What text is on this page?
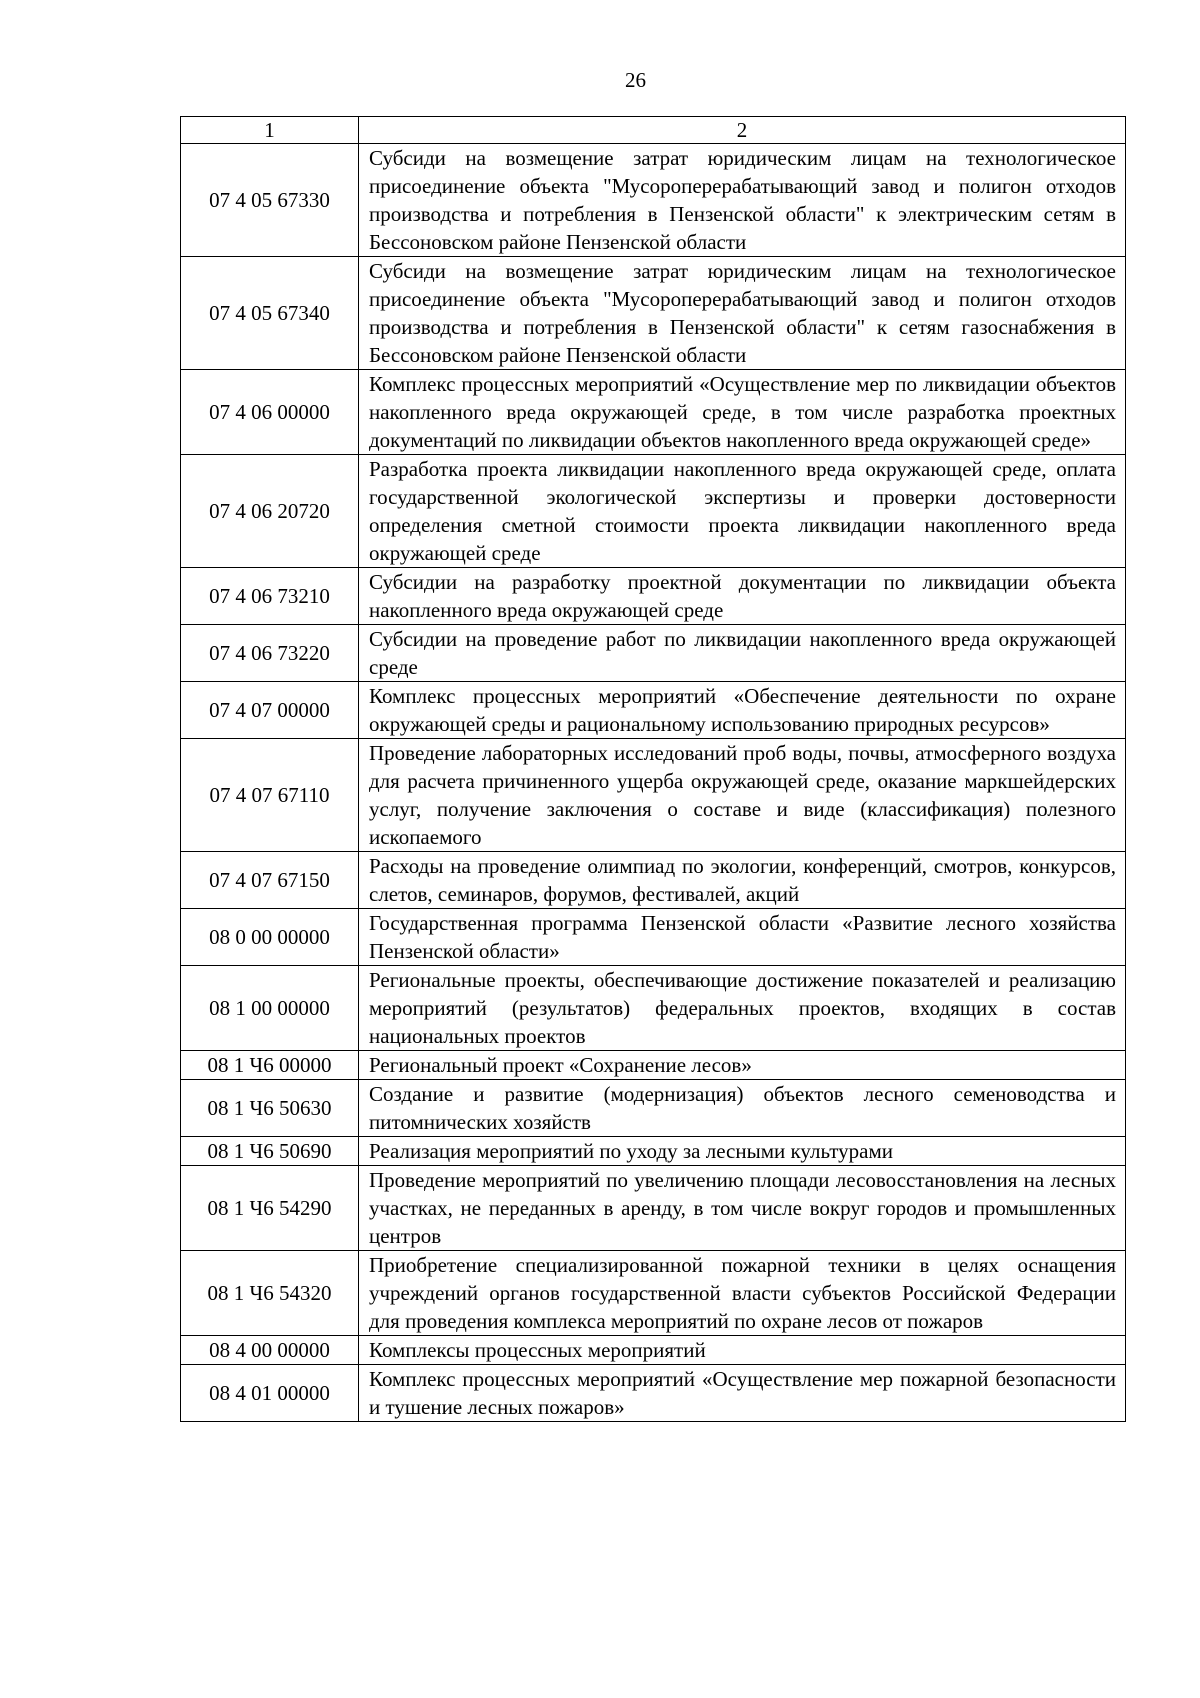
26
1	2
07 4 05 67330	Субсиди на возмещение затрат юридическим лицам на технологическое присоединение объекта "Мусороперерабатывающий завод и полигон отходов производства и потребления в Пензенской области" к электрическим сетям в Бессоновском районе Пензенской области
07 4 05 67340	Субсиди на возмещение затрат юридическим лицам на технологическое присоединение объекта "Мусороперерабатывающий завод и полигон отходов производства и потребления в Пензенской области" к сетям газоснабжения в Бессоновском районе Пензенской области
07 4 06 00000	Комплекс процессных мероприятий «Осуществление мер по ликвидации объектов накопленного вреда окружающей среде, в том числе разработка проектных документаций по ликвидации объектов накопленного вреда окружающей среде»
07 4 06 20720	Разработка проекта ликвидации накопленного вреда окружающей среде, оплата государственной экологической экспертизы и проверки достоверности определения сметной стоимости проекта ликвидации накопленного вреда окружающей среде
07 4 06 73210	Субсидии на разработку проектной документации по ликвидации объекта накопленного вреда окружающей среде
07 4 06 73220	Субсидии на проведение работ по ликвидации накопленного вреда окружающей среде
07 4 07 00000	Комплекс процессных мероприятий «Обеспечение деятельности по охране окружающей среды и рациональному использованию природных ресурсов»
07 4 07 67110	Проведение лабораторных исследований проб воды, почвы, атмосферного воздуха для расчета причиненного ущерба окружающей среде, оказание маркшейдерских услуг, получение заключения о составе и виде (классификация) полезного ископаемого
07 4 07 67150	Расходы на проведение олимпиад по экологии, конференций, смотров, конкурсов, слетов, семинаров, форумов, фестивалей, акций
08 0 00 00000	Государственная программа Пензенской области «Развитие лесного хозяйства Пензенской области»
08 1 00 00000	Региональные проекты, обеспечивающие достижение показателей и реализацию мероприятий (результатов) федеральных проектов, входящих в состав национальных проектов
08 1 Ч6 00000	Региональный проект «Сохранение лесов»
08 1 Ч6 50630	Создание и развитие (модернизация) объектов лесного семеноводства и питомнических хозяйств
08 1 Ч6 50690	Реализация мероприятий по уходу за лесными культурами
08 1 Ч6 54290	Проведение мероприятий по увеличению площади лесовосстановления на лесных участках, не переданных в аренду, в том числе вокруг городов и промышленных центров
08 1 Ч6 54320	Приобретение специализированной пожарной техники в целях оснащения учреждений органов государственной власти субъектов Российской Федерации для проведения комплекса мероприятий по охране лесов от пожаров
08 4 00 00000	Комплексы процессных мероприятий
08 4 01 00000	Комплекс процессных мероприятий «Осуществление мер пожарной безопасности и тушение лесных пожаров»
